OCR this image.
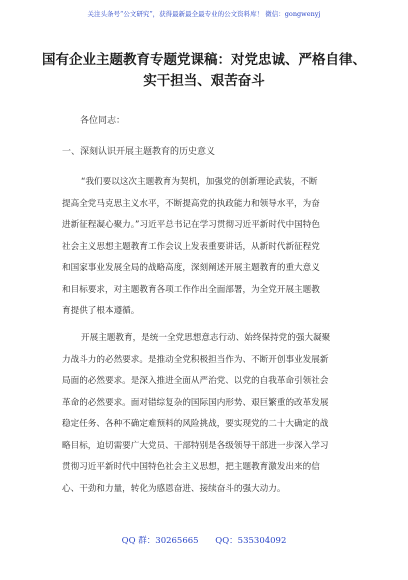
关注头条号“公文研究”，获得最新最全最专业的公文资料库！ 微信：gongwenyj
国有企业主题教育专题党课稿：对党忠诚、严格自律、
实干担当、艰苦奋斗
各位同志：
一、深刻认识开展主题教育的历史意义

“我们要以这次主题教育为契机，加强党的创新理论武装，不断
提高全党马克思主义水平，不断提高党的执政能力和领导水平，为奋
进新征程凝心聚力。”习近平总书记在学习贯彻习近平新时代中国特色
社会主义思想主题教育工作会议上发表重要讲话，从新时代新征程党
和国家事业发展全局的战略高度，深刻阐述开展主题教育的重大意义
和目标要求，对主题教育各项工作作出全面部署，为全党开展主题教
育提供了根本遵循。

开展主题教育，是统一全党思想意志行动、始终保持党的强大凝聚
力战斗力的必然要求。是推动全党积极担当作为、不断开创事业发展新
局面的必然要求。是深入推进全面从严治党、以党的自我革命引领社会
革命的必然要求。面对错综复杂的国际国内形势、艰巨繁重的改革发展
稳定任务、各种不确定难预料的风险挑战，要实现党的二十大确定的战
略目标，迫切需要广大党员、干部特别是各级领导干部进一步深入学习
贯彻习近平新时代中国特色社会主义思想，把主题教育激发出来的信
心、干劲和力量，转化为感恩奋进、接续奋斗的强大动力。

QQ 群：30265665 QQ：535304092
